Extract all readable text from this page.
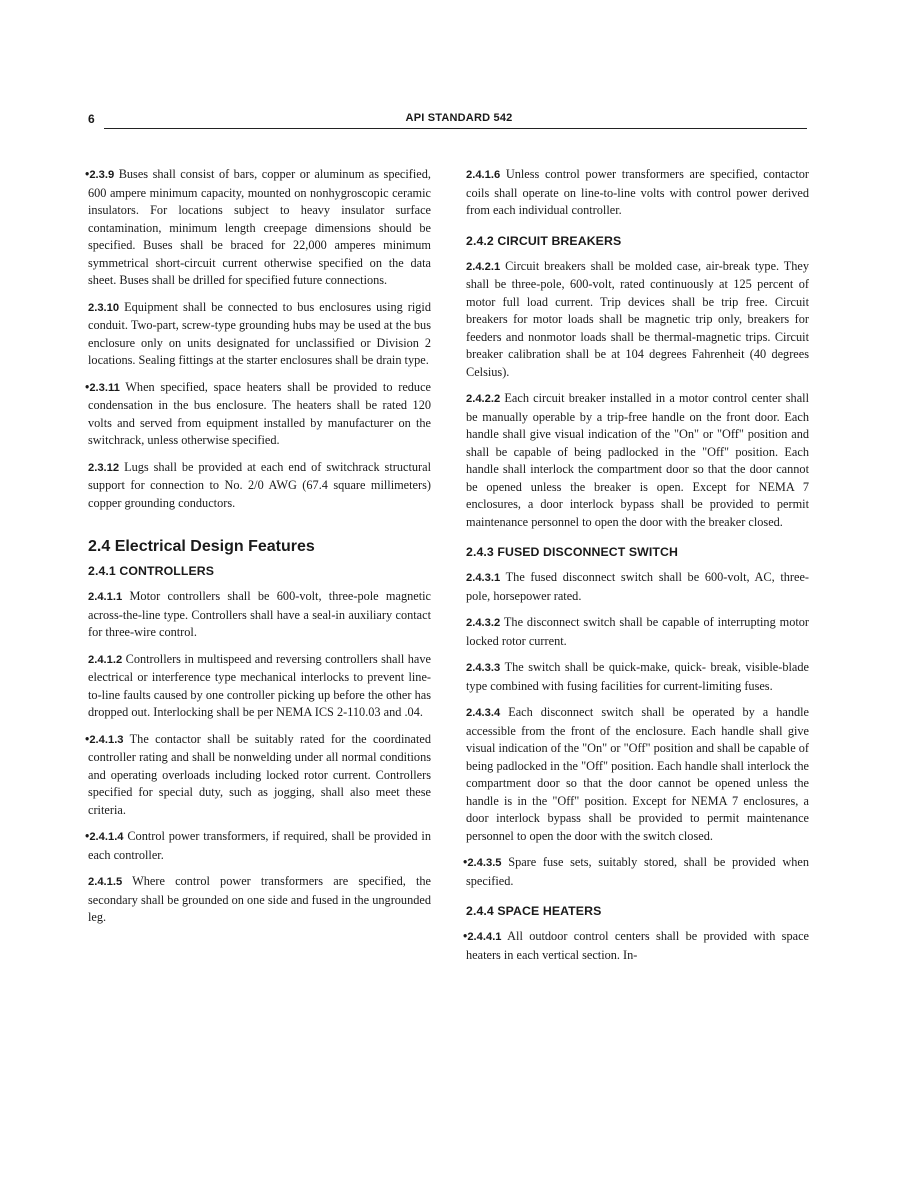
6	API STANDARD 542

•2.3.9 Buses shall consist of bars, copper or aluminum as specified, 600 ampere minimum capacity, mounted on nonhygroscopic ceramic insulators. For locations subject to heavy insulator surface contamination, minimum length creepage dimensions should be specified. Buses shall be braced for 22,000 amperes minimum symmetrical short-circuit current otherwise specified on the data sheet. Buses shall be drilled for specified future connections.

2.3.10 Equipment shall be connected to bus enclosures using rigid conduit. Two-part, screw-type grounding hubs may be used at the bus enclosure only on units designated for unclassified or Division 2 locations. Sealing fittings at the starter enclosures shall be drain type.

•2.3.11 When specified, space heaters shall be provided to reduce condensation in the bus enclosure. The heaters shall be rated 120 volts and served from equipment installed by manufacturer on the switchrack, unless otherwise specified.

2.3.12 Lugs shall be provided at each end of switchrack structural support for connection to No. 2/0 AWG (67.4 square millimeters) copper grounding conductors.

2.4 Electrical Design Features
2.4.1 CONTROLLERS

2.4.1.1 Motor controllers shall be 600-volt, three-pole magnetic across-the-line type. Controllers shall have a seal-in auxiliary contact for three-wire control.

2.4.1.2 Controllers in multispeed and reversing controllers shall have electrical or interference type mechanical interlocks to prevent line-to-line faults caused by one controller picking up before the other has dropped out. Interlocking shall be per NEMA ICS 2-110.03 and .04.

•2.4.1.3 The contactor shall be suitably rated for the coordinated controller rating and shall be nonwelding under all normal conditions and operating overloads including locked rotor current. Controllers specified for special duty, such as jogging, shall also meet these criteria.

•2.4.1.4 Control power transformers, if required, shall be provided in each controller.

2.4.1.5 Where control power transformers are specified, the secondary shall be grounded on one side and fused in the ungrounded leg.

2.4.1.6 Unless control power transformers are specified, contactor coils shall operate on line-to-line volts with control power derived from each individual controller.

2.4.2 CIRCUIT BREAKERS

2.4.2.1 Circuit breakers shall be molded case, air-break type. They shall be three-pole, 600-volt, rated continuously at 125 percent of motor full load current. Trip devices shall be trip free. Circuit breakers for motor loads shall be magnetic trip only, breakers for feeders and nonmotor loads shall be thermal-magnetic trips. Circuit breaker calibration shall be at 104 degrees Fahrenheit (40 degrees Celsius).

2.4.2.2 Each circuit breaker installed in a motor control center shall be manually operable by a trip-free handle on the front door. Each handle shall give visual indication of the "On" or "Off" position and shall be capable of being padlocked in the "Off" position. Each handle shall interlock the compartment door so that the door cannot be opened unless the breaker is open. Except for NEMA 7 enclosures, a door interlock bypass shall be provided to permit maintenance personnel to open the door with the breaker closed.

2.4.3 FUSED DISCONNECT SWITCH

2.4.3.1 The fused disconnect switch shall be 600-volt, AC, three-pole, horsepower rated.

2.4.3.2 The disconnect switch shall be capable of interrupting motor locked rotor current.

2.4.3.3 The switch shall be quick-make, quick- break, visible-blade type combined with fusing facilities for current-limiting fuses.

2.4.3.4 Each disconnect switch shall be operated by a handle accessible from the front of the enclosure. Each handle shall give visual indication of the "On" or "Off" position and shall be capable of being padlocked in the "Off" position. Each handle shall interlock the compartment door so that the door cannot be opened unless the handle is in the "Off" position. Except for NEMA 7 enclosures, a door interlock bypass shall be provided to permit maintenance personnel to open the door with the switch closed.

•2.4.3.5 Spare fuse sets, suitably stored, shall be provided when specified.

2.4.4 SPACE HEATERS

•2.4.4.1 All outdoor control centers shall be provided with space heaters in each vertical section. In-
